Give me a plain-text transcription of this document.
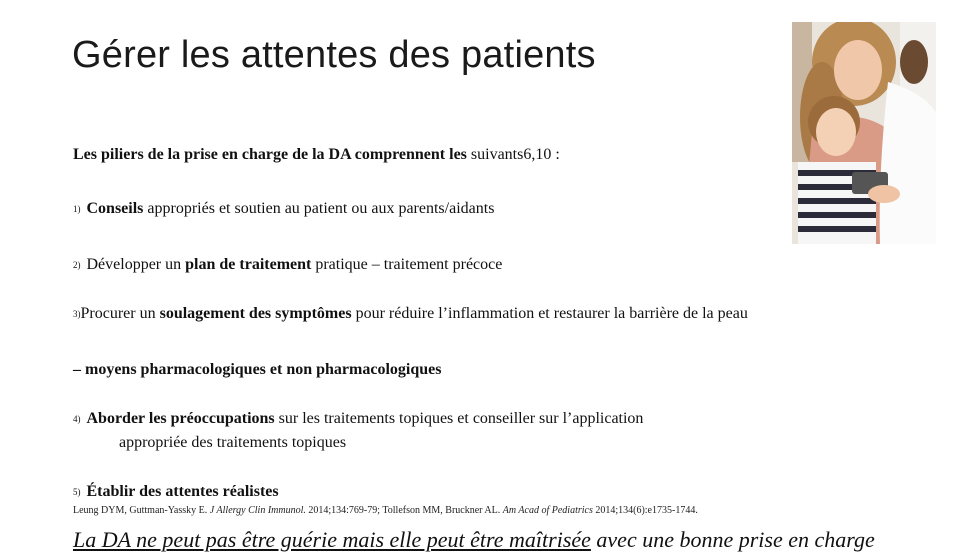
Gérer les attentes des patients
Les piliers de la prise en charge de la DA comprennent les suivants6,10 :
1) Conseils appropriés et soutien au patient ou aux parents/aidants
2) Développer un plan de traitement pratique – traitement précoce
3)Procurer un soulagement des symptômes pour réduire l’inflammation et restaurer la barrière de la peau
– moyens pharmacologiques et non pharmacologiques
4) Aborder les préoccupations sur les traitements topiques et conseiller sur l’application
appropriée des traitements topiques
5) Établir des attentes réalistes
Leung DYM, Guttman-Yassky E. J Allergy Clin Immunol. 2014;134:769-79; Tollefson MM, Bruckner AL. Am Acad of Pediatrics 2014;134(6):e1735-1744.
La DA ne peut pas être guérie mais elle peut être maîtrisée avec une bonne prise en charge
